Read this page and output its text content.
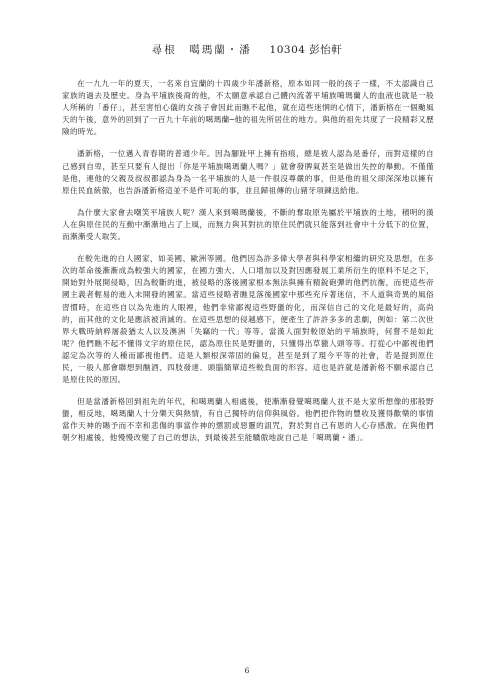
尋根　噶瑪蘭・潘 10304 彭怡軒

在一九九一年的夏天，一名來自宜蘭的十四歲少年潘新格，原本如同一般的孩子一樣，不太認識自己家族的過去及歷史。身為平埔族後裔的他，不太願意承認自己體內流著平埔族噶瑪蘭人的血液也就是一般人所稱的「番仔」，甚至害怕心儀的女孩子會因此而瞧不起他，就在這些迷惘的心情下，潘新格在一個颱風天的午後，意外的回到了一百九十年前的噶瑪蘭─他的祖先所居住的地方。與他的祖先共度了一段精彩又歷險的時光。

潘新格，一位邁入青春期的普通少年。因為腳趾甲上擁有指痕，總是被人認為是番仔，而對這樣的自己感到自卑，甚至只要有人提出「你是平埔族噶瑪蘭人嗎？」就會發脾氣甚至是做出失控的舉動。不僅僅是他，連他的父親及叔叔都認為身為一名平埔族的人是一件很沒尊嚴的事，但是他的祖父卻深深地以擁有原住民血統傲，也告訴潘新格這並不是件可恥的事，並且歸祖傳的山豬牙項鍊送給他。

為什麼大家會去嘲笑平埔族人呢？漢人來到噶瑪蘭後，不斷的奪取原先屬於平埔族的土地，積明的漢人在與原住民的互動中漸漸地占了上風，而無力與其對抗的原住民們就只能落到社會中十分低下的位置，而漸漸受人取笑。

在較先進的白人國家，如美國、歐洲等國。他們因為許多偉大學者與科學家相繼的研究及思想，在多次的革命後漸漸成為較強大的國家，在國力強大、人口增加以及對因應發展工業所衍生的原料不足之下，開始對外展開侵略，因為較斷的進，被侵略的落後國家根本無法與擁有精銳砲彈的他們抗衡，而使這些帝國主義者輕易的進入未開發的國家。當這些侵略者瞧見落後國家中那些充斥著迷信，不人道與奇異的風俗習慣時，在這些自以為先進的人眼裡，他們非常鄙視這些野蠻的化，而深信自己的文化是最好的，高尚的，而其他的文化是應該被消滅的。在這些思想的侵越感下，便產生了許許多多的悲劇，例如：第二次世界大戰時納粹屠殺猶太人以及澳洲「失竊的一代」等等。當漢人面對較原始的平埔族時，何嘗不是如此呢？他們瞧不起不懂得文字的原住民，認為原住民是野蠻的，只懂得出草獵人頭等等。打從心中鄙視他們認定為次等的人種而鄙視他們。這是人類根深蒂固的偏見，甚至是到了現今平等的社會，若是提到原住民，一般人都會聯想到酗酒、四肢發達、頭腦簡單這些較負面的形容。這也是許就是潘新格不願承認自己是原住民的原因。

但是當潘新格回到祖先的年代，和噶瑪蘭人相處後，使漸漸發覺噶瑪蘭人並不是大家所想像的那般野蠻，相反地，噶瑪蘭人十分樂天與熱情，有自己獨特的信仰與風俗。他們把作物的豐收及獲得歡樂的事情當作天神的賜予而不幸和悲傷的事當作神的懲罰或惡靈的詛咒，對於對自己有恩的人心存感激。在與他們朝夕相處後，他慢慢改變了自己的想法，到最後甚至能驕傲地說自己是「噶瑪蘭・潘」。

6
